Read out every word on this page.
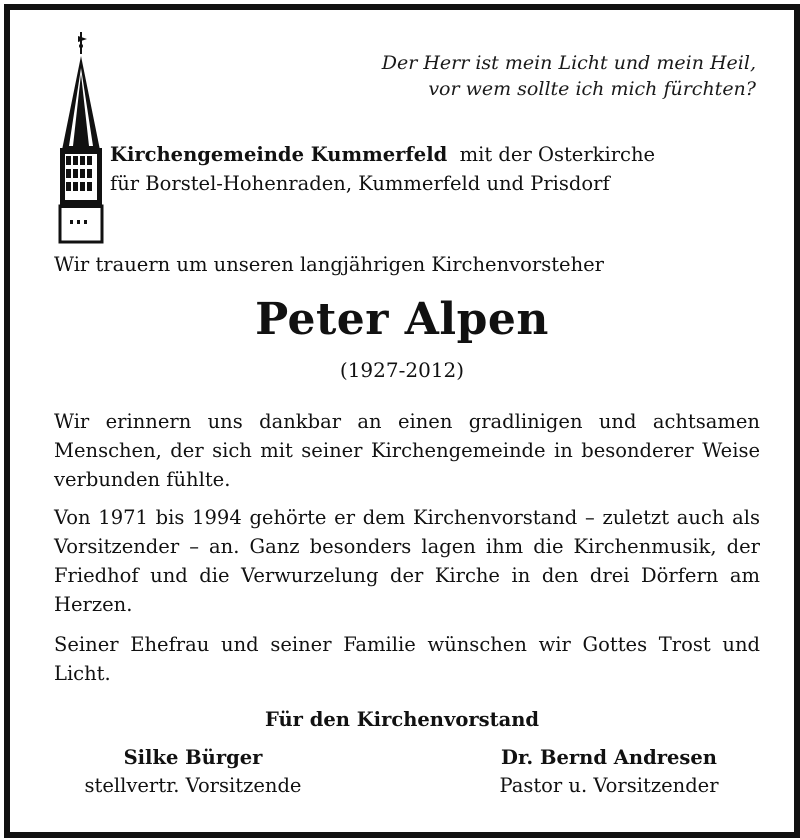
Der Herr ist mein Licht und mein Heil,
vor wem sollte ich mich fürchten?
Kirchengemeinde Kummerfeld mit der Osterkirche
für Borstel-Hohenraden, Kummerfeld und Prisdorf
Wir trauern um unseren langjährigen Kirchenvorsteher
Peter Alpen
(1927-2012)
Wir erinnern uns dankbar an einen gradlinigen und achtsamen Menschen, der sich mit seiner Kirchengemeinde in besonderer Weise verbunden fühlte.
Von 1971 bis 1994 gehörte er dem Kirchenvorstand – zuletzt auch als Vorsitzender – an. Ganz besonders lagen ihm die Kirchenmusik, der Friedhof und die Verwurzelung der Kirche in den drei Dörfern am Herzen.
Seiner Ehefrau und seiner Familie wünschen wir Gottes Trost und Licht.
Für den Kirchenvorstand
Silke Bürger
stellvertr. Vorsitzende
Dr. Bernd Andresen
Pastor u. Vorsitzender
